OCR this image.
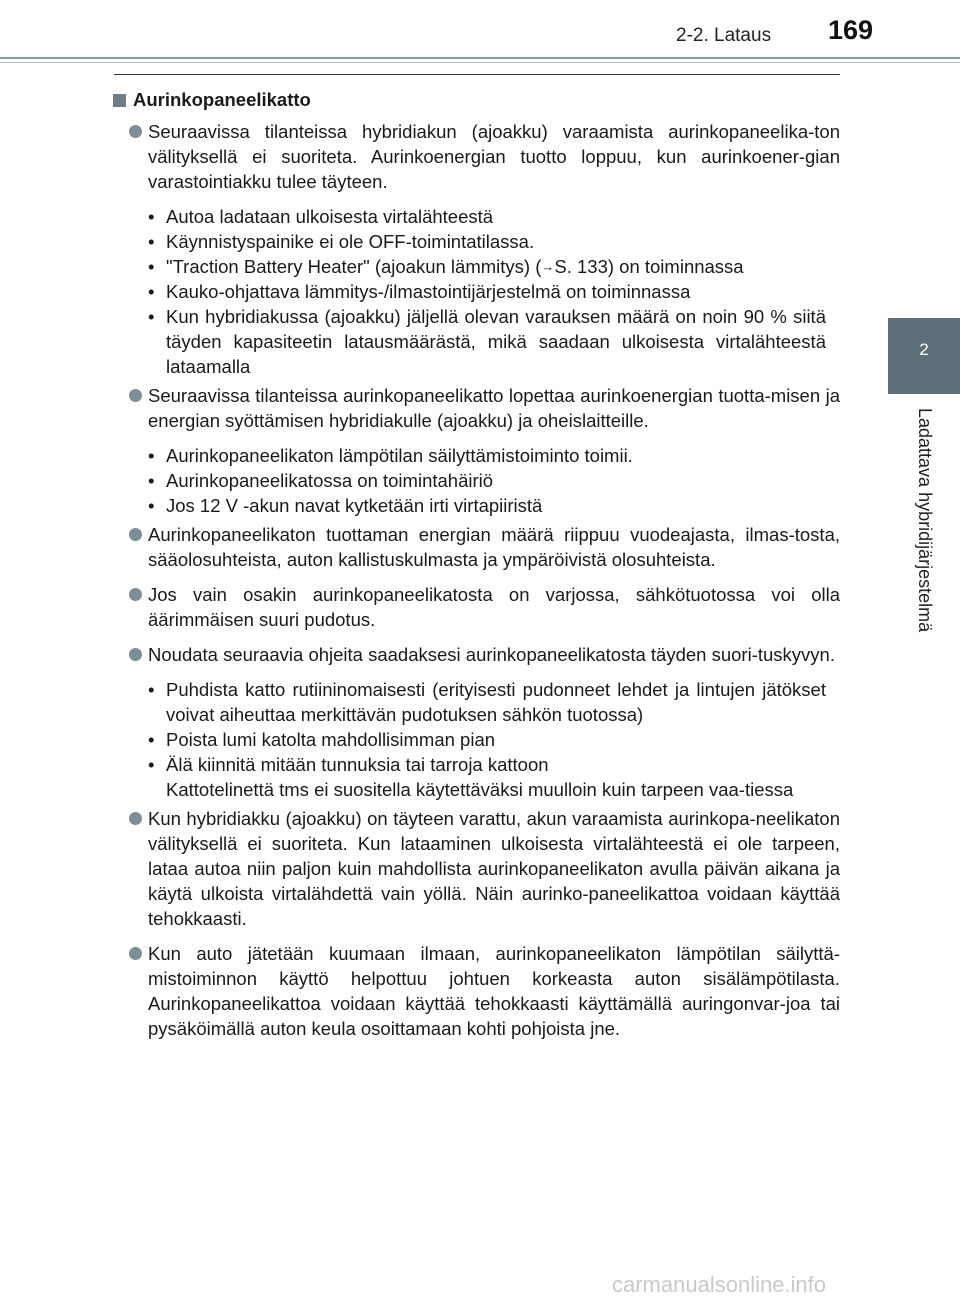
2-2. Lataus 169
2
Ladattava hybridijärjestelmä
Aurinkopaneelikatto
Seuraavissa tilanteissa hybridiakun (ajoakku) varaamista aurinkopaneelika-ton välityksellä ei suoriteta. Aurinkoenergian tuotto loppuu, kun aurinkoener-gian varastointiakku tulee täyteen.
• Autoa ladataan ulkoisesta virtalähteestä
• Käynnistyspainike ei ole OFF-toimintatilassa.
• "Traction Battery Heater" (ajoakun lämmitys) (→S. 133) on toiminnassa
• Kauko-ohjattava lämmitys-/ilmastointijärjestelmä on toiminnassa
• Kun hybridiakussa (ajoakku) jäljellä olevan varauksen määrä on noin 90 % siitä täyden kapasiteetin latausmäärästä, mikä saadaan ulkoisesta virtalähteestä lataamalla
Seuraavissa tilanteissa aurinkopaneelikatto lopettaa aurinkoenergian tuotta-misen ja energian syöttämisen hybridiakulle (ajoakku) ja oheislaitteille.
• Aurinkopaneelikaton lämpötilan säilyttämistoiminto toimii.
• Aurinkopaneelikatossa on toimintahäiriö
• Jos 12 V -akun navat kytketään irti virtapiiristä
Aurinkopaneelikaton tuottaman energian määrä riippuu vuodeajasta, ilmas-tosta, sääolosuhteista, auton kallistuskulmasta ja ympäröivistä olosuhteista.
Jos vain osakin aurinkopaneelikatosta on varjossa, sähkötuotossa voi olla äärimmäisen suuri pudotus.
Noudata seuraavia ohjeita saadaksesi aurinkopaneelikatosta täyden suori-tuskyvyn.
• Puhdista katto rutiininomaisesti (erityisesti pudonneet lehdet ja lintujen jätökset voivat aiheuttaa merkittävän pudotuksen sähkön tuotossa)
• Poista lumi katolta mahdollisimman pian
• Älä kiinnitä mitään tunnuksia tai tarroja kattoon
Kattotelinettä tms ei suositella käytettäväksi muulloin kuin tarpeen vaa-tiessa
Kun hybridiakku (ajoakku) on täyteen varattu, akun varaamista aurinkopa-neelikaton välityksellä ei suoriteta. Kun lataaminen ulkoisesta virtalähteestä ei ole tarpeen, lataa autoa niin paljon kuin mahdollista aurinkopaneelikaton avulla päivän aikana ja käytä ulkoista virtalähdettä vain yöllä. Näin aurinko-paneelikattoa voidaan käyttää tehokkaasti.
Kun auto jätetään kuumaan ilmaan, aurinkopaneelikaton lämpötilan säilyttä-mistoiminnon käyttö helpottuu johtuen korkeasta auton sisälämpötilasta. Aurinkopaneelikattoa voidaan käyttää tehokkaasti käyttämällä auringonvar-joa tai pysäköimällä auton keula osoittamaan kohti pohjoista jne.
carmanualsonline.info
